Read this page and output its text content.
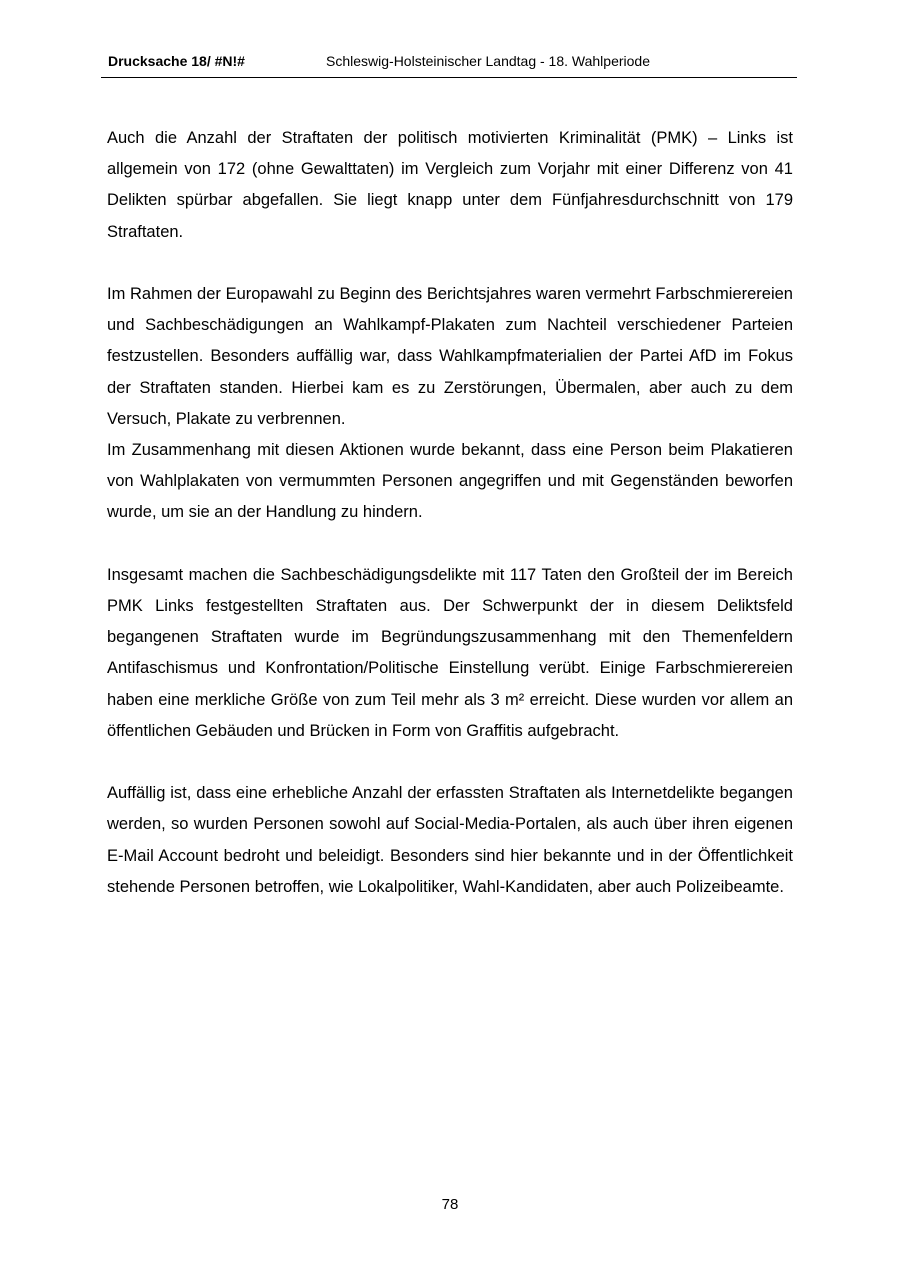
Drucksache 18/ #N!#	Schleswig-Holsteinischer Landtag - 18. Wahlperiode

Auch die Anzahl der Straftaten der politisch motivierten Kriminalität (PMK) – Links ist allgemein von 172 (ohne Gewalttaten) im Vergleich zum Vorjahr mit einer Differenz von 41 Delikten spürbar abgefallen. Sie liegt knapp unter dem Fünfjahresdurchschnitt von 179 Straftaten.

Im Rahmen der Europawahl zu Beginn des Berichtsjahres waren vermehrt Farbschmierereien und Sachbeschädigungen an Wahlkampf-Plakaten zum Nachteil verschiedener Parteien festzustellen. Besonders auffällig war, dass Wahlkampfmaterialien der Partei AfD im Fokus der Straftaten standen. Hierbei kam es zu Zerstörungen, Übermalen, aber auch zu dem Versuch, Plakate zu verbrennen.

Im Zusammenhang mit diesen Aktionen wurde bekannt, dass eine Person beim Plakatieren von Wahlplakaten von vermummten Personen angegriffen und mit Gegenständen beworfen wurde, um sie an der Handlung zu hindern.

Insgesamt machen die Sachbeschädigungsdelikte mit 117 Taten den Großteil der im Bereich PMK Links festgestellten Straftaten aus. Der Schwerpunkt der in diesem Deliktsfeld begangenen Straftaten wurde im Begründungszusammenhang mit den Themenfeldern Antifaschismus und Konfrontation/Politische Einstellung verübt. Einige Farbschmierereien haben eine merkliche Größe von zum Teil mehr als 3 m² erreicht. Diese wurden vor allem an öffentlichen Gebäuden und Brücken in Form von Graffitis aufgebracht.

Auffällig ist, dass eine erhebliche Anzahl der erfassten Straftaten als Internetdelikte begangen werden, so wurden Personen sowohl auf Social-Media-Portalen, als auch über ihren eigenen E-Mail Account bedroht und beleidigt. Besonders sind hier bekannte und in der Öffentlichkeit stehende Personen betroffen, wie Lokalpolitiker, Wahl-Kandidaten, aber auch Polizeibeamte.

78
